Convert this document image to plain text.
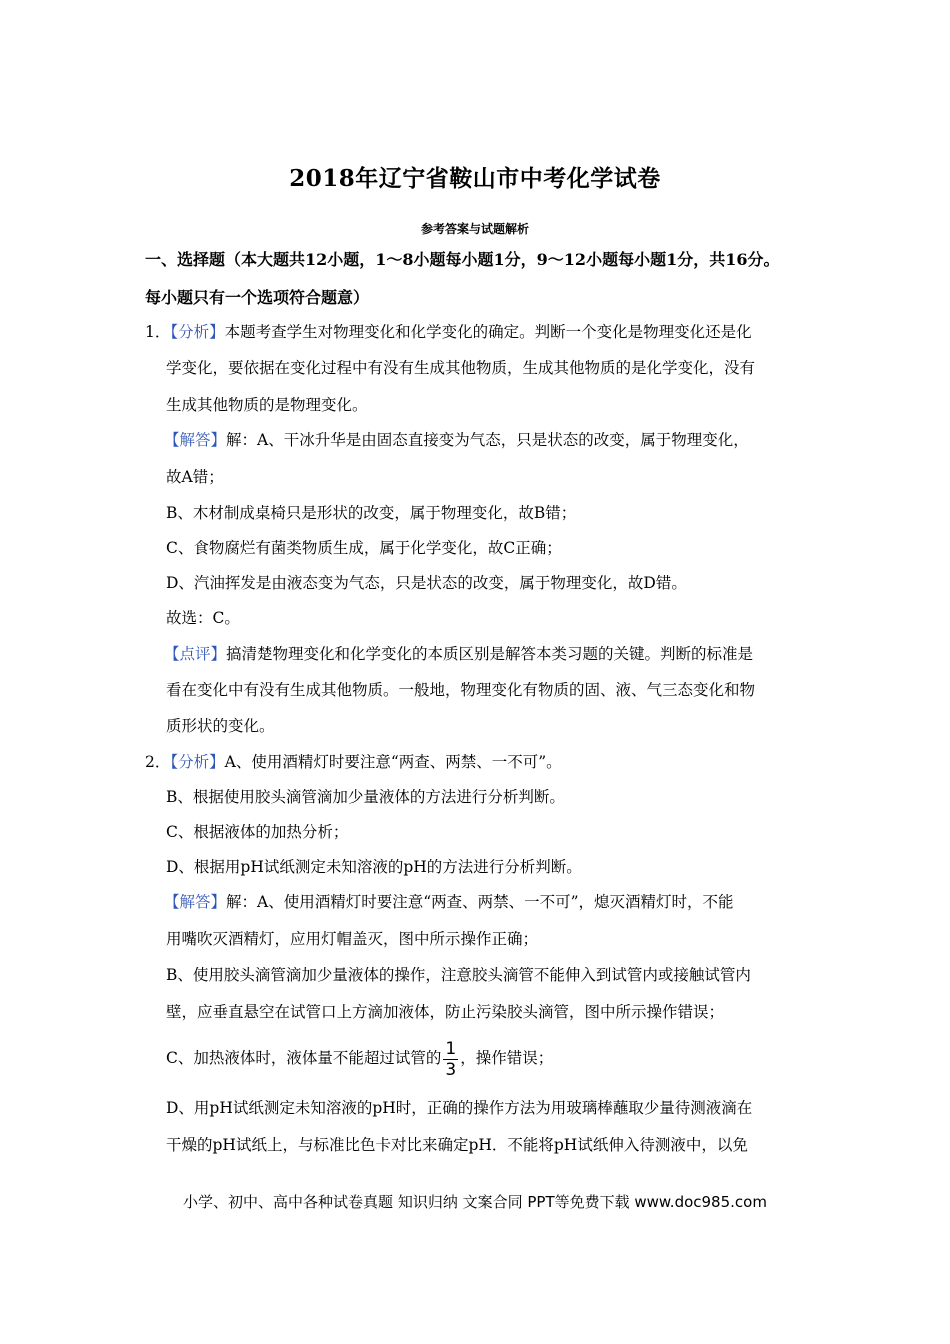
2018年辽宁省鞍山市中考化学试卷
参考答案与试题解析
一、选择题（本大题共12小题，1～8小题每小题1分，9～12小题每小题1分，共16分。
每小题只有一个选项符合题意）
1．【分析】本题考查学生对物理变化和化学变化的确定。判断一个变化是物理变化还是化
学变化，要依据在变化过程中有没有生成其他物质，生成其他物质的是化学变化，没有
生成其他物质的是物理变化。
【解答】解：A、干冰升华是由固态直接变为气态，只是状态的改变，属于物理变化，
故A错；
B、木材制成桌椅只是形状的改变，属于物理变化，故B错；
C、食物腐烂有菌类物质生成，属于化学变化，故C正确；
D、汽油挥发是由液态变为气态，只是状态的改变，属于物理变化，故D错。
故选：C。
【点评】搞清楚物理变化和化学变化的本质区别是解答本类习题的关键。判断的标准是
看在变化中有没有生成其他物质。一般地，物理变化有物质的固、液、气三态变化和物
质形状的变化。
2．【分析】A、使用酒精灯时要注意“两查、两禁、一不可”。
B、根据使用胶头滴管滴加少量液体的方法进行分析判断。
C、根据液体的加热分析；
D、根据用pH试纸测定未知溶液的pH的方法进行分析判断。
【解答】解：A、使用酒精灯时要注意“两查、两禁、一不可”，熄灭酒精灯时，不能
用嘴吹灭酒精灯，应用灯帽盖灭，图中所示操作正确；
B、使用胶头滴管滴加少量液体的操作，注意胶头滴管不能伸入到试管内或接触试管内
壁，应垂直悬空在试管口上方滴加液体，防止污染胶头滴管，图中所示操作错误；
C、加热液体时，液体量不能超过试管的 $\frac{1}{3}$ ，操作错误；
D、用pH试纸测定未知溶液的pH时，正确的操作方法为用玻璃棒蘸取少量待测液滴在
干燥的pH试纸上，与标准比色卡对比来确定pH．不能将pH试纸伸入待测液中，以免
小学、初中、高中各种试卷真题 知识归纳 文案合同 PPT等免费下载 www.doc985.com
